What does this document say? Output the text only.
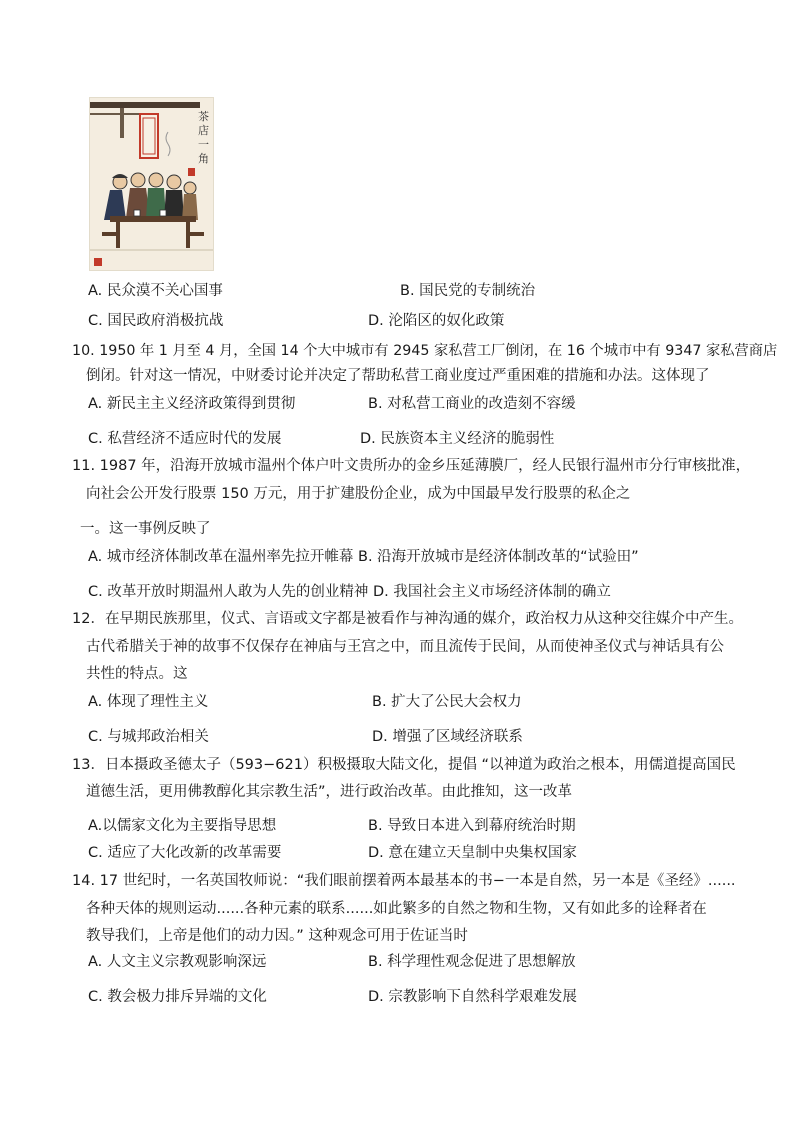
茶
店
一
角
A. 民众漠不关心国事	B. 国民党的专制统治
C. 国民政府消极抗战	D. 沦陷区的奴化政策
10. 1950 年 1 月至 4 月，全国 14 个大中城市有 2945 家私营工厂倒闭，在 16 个城市中有 9347 家私营商店
倒闭。针对这一情况，中财委讨论并决定了帮助私营工商业度过严重困难的措施和办法。这体现了
A. 新民主主义经济政策得到贯彻	B. 对私营工商业的改造刻不容缓
C. 私营经济不适应时代的发展	D. 民族资本主义经济的脆弱性
11. 1987 年，沿海开放城市温州个体户叶文贵所办的金乡压延薄膜厂，经人民银行温州市分行审核批准，
向社会公开发行股票 150 万元，用于扩建股份企业，成为中国最早发行股票的私企之
一。这一事例反映了
A. 城市经济体制改革在温州率先拉开帷幕 B. 沿海开放城市是经济体制改革的“试验田”
C. 改革开放时期温州人敢为人先的创业精神 D. 我国社会主义市场经济体制的确立
12．在早期民族那里，仪式、言语或文字都是被看作与神沟通的媒介，政治权力从这种交往媒介中产生。
古代希腊关于神的故事不仅保存在神庙与王宫之中，而且流传于民间，从而使神圣仪式与神话具有公
共性的特点。这
A. 体现了理性主义	B. 扩大了公民大会权力
C. 与城邦政治相关	D. 增强了区域经济联系
13．日本摄政圣德太子（593−621）积极摄取大陆文化，提倡 “以神道为政治之根本，用儒道提高国民
道德生活，更用佛教醇化其宗教生活”，进行政治改革。由此推知，这一改革
A.以儒家文化为主要指导思想	B. 导致日本进入到幕府统治时期
C. 适应了大化改新的改革需要	D. 意在建立天皇制中央集权国家
14. 17 世纪时，一名英国牧师说：“我们眼前摆着两本最基本的书−一本是自然，另一本是《圣经》......
各种天体的规则运动......各种元素的联系......如此繁多的自然之物和生物，又有如此多的诠释者在
教导我们，上帝是他们的动力因。” 这种观念可用于佐证当时
A. 人文主义宗教观影响深远	B. 科学理性观念促进了思想解放
C. 教会极力排斥异端的文化	D. 宗教影响下自然科学艰难发展
